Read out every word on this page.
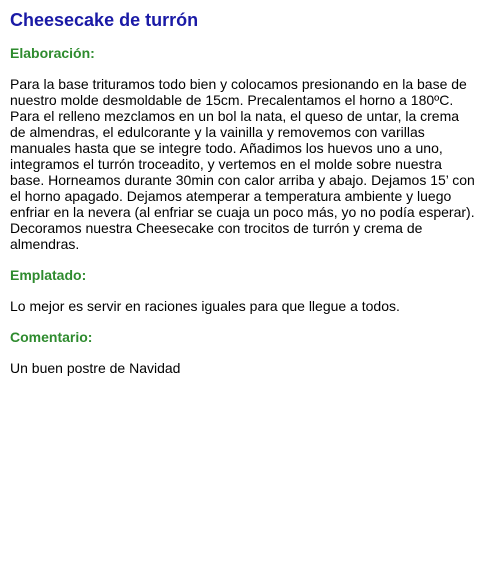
Cheesecake de turrón
Elaboración:

Para la base trituramos todo bien y colocamos presionando en la base de nuestro molde desmoldable de 15cm. Precalentamos el horno a 180ºC. Para el relleno mezclamos en un bol la nata, el queso de untar, la crema de almendras, el edulcorante y la vainilla y removemos con varillas manuales hasta que se integre todo. Añadimos los huevos uno a uno, integramos el turrón troceadito, y vertemos en el molde sobre nuestra base. Horneamos durante 30min con calor arriba y abajo. Dejamos 15’ con el horno apagado. Dejamos atemperar a temperatura ambiente y luego enfriar en la nevera (al enfriar se cuaja un poco más, yo no podía esperar). Decoramos nuestra Cheesecake con trocitos de turrón y crema de almendras.

Emplatado:

Lo mejor es servir en raciones iguales para que llegue a todos.

Comentario:

Un buen postre de Navidad
